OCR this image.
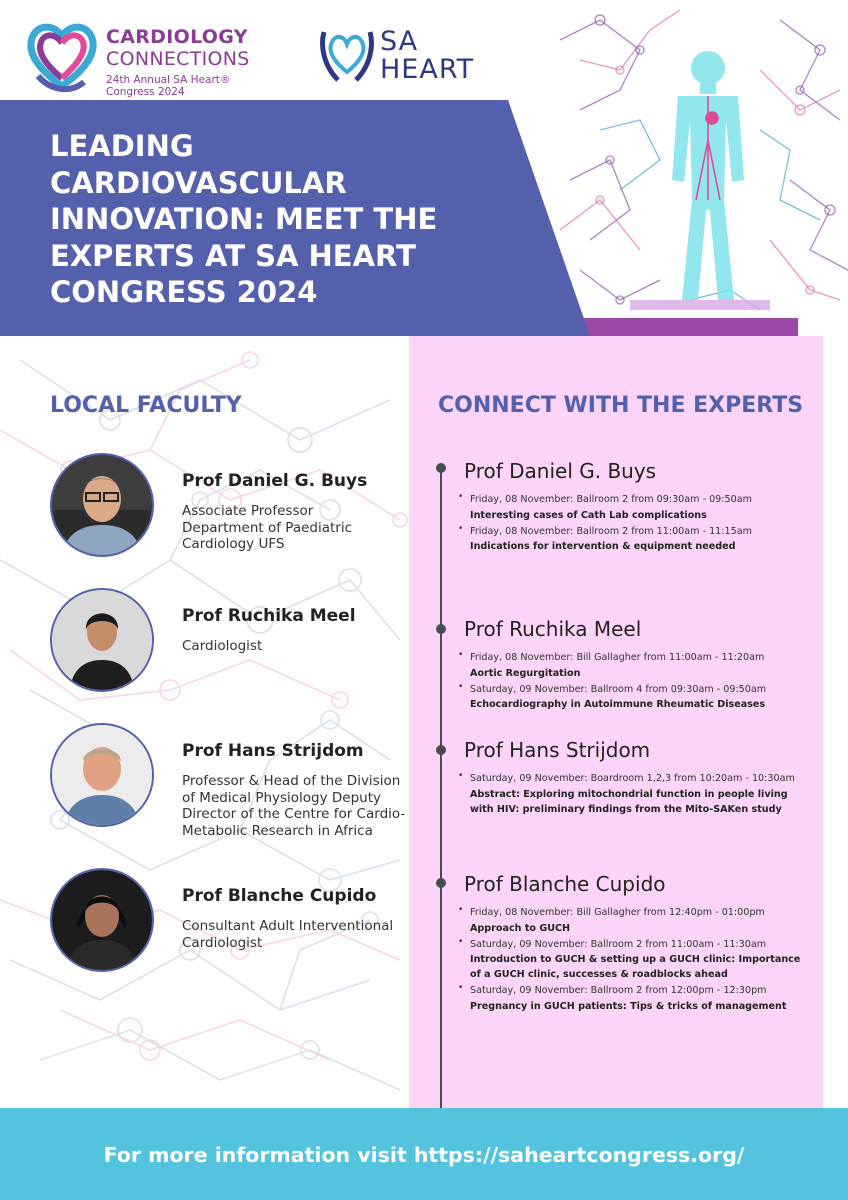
CARDIOLOGY
CONNECTIONS
24th Annual SA Heart® Congress 2024
SA
HEART
LEADING CARDIOVASCULAR INNOVATION: MEET THE EXPERTS AT SA HEART CONGRESS 2024
LOCAL FACULTY	CONNECT WITH THE EXPERTS
Prof Daniel G. Buys
Associate Professor
Department of Paediatric Cardiology UFS
Prof Ruchika Meel
Cardiologist
Prof Hans Strijdom
Professor & Head of the Division of Medical Physiology Deputy Director of the Centre for Cardio-Metabolic Research in Africa
Prof Blanche Cupido
Consultant Adult Interventional Cardiologist
Prof Daniel G. Buys
• Friday, 08 November: Ballroom 2 from 09:30am - 09:50am
Interesting cases of Cath Lab complications
• Friday, 08 November: Ballroom 2 from 11:00am - 11:15am
Indications for intervention & equipment needed
Prof Ruchika Meel
• Friday, 08 November: Bill Gallagher from 11:00am - 11:20am
Aortic Regurgitation
• Saturday, 09 November: Ballroom 4 from 09:30am - 09:50am
Echocardiography in Autoimmune Rheumatic Diseases
Prof Hans Strijdom
• Saturday, 09 November: Boardroom 1,2,3 from 10:20am - 10:30am
Abstract: Exploring mitochondrial function in people living with HIV: preliminary findings from the Mito-SAKen study
Prof Blanche Cupido
• Friday, 08 November: Bill Gallagher from 12:40pm - 01:00pm
Approach to GUCH
• Saturday, 09 November: Ballroom 2 from 11:00am - 11:30am
Introduction to GUCH & setting up a GUCH clinic: Importance of a GUCH clinic, successes & roadblocks ahead
• Saturday, 09 November: Ballroom 2 from 12:00pm - 12:30pm
Pregnancy in GUCH patients: Tips & tricks of management
For more information visit https://saheartcongress.org/
